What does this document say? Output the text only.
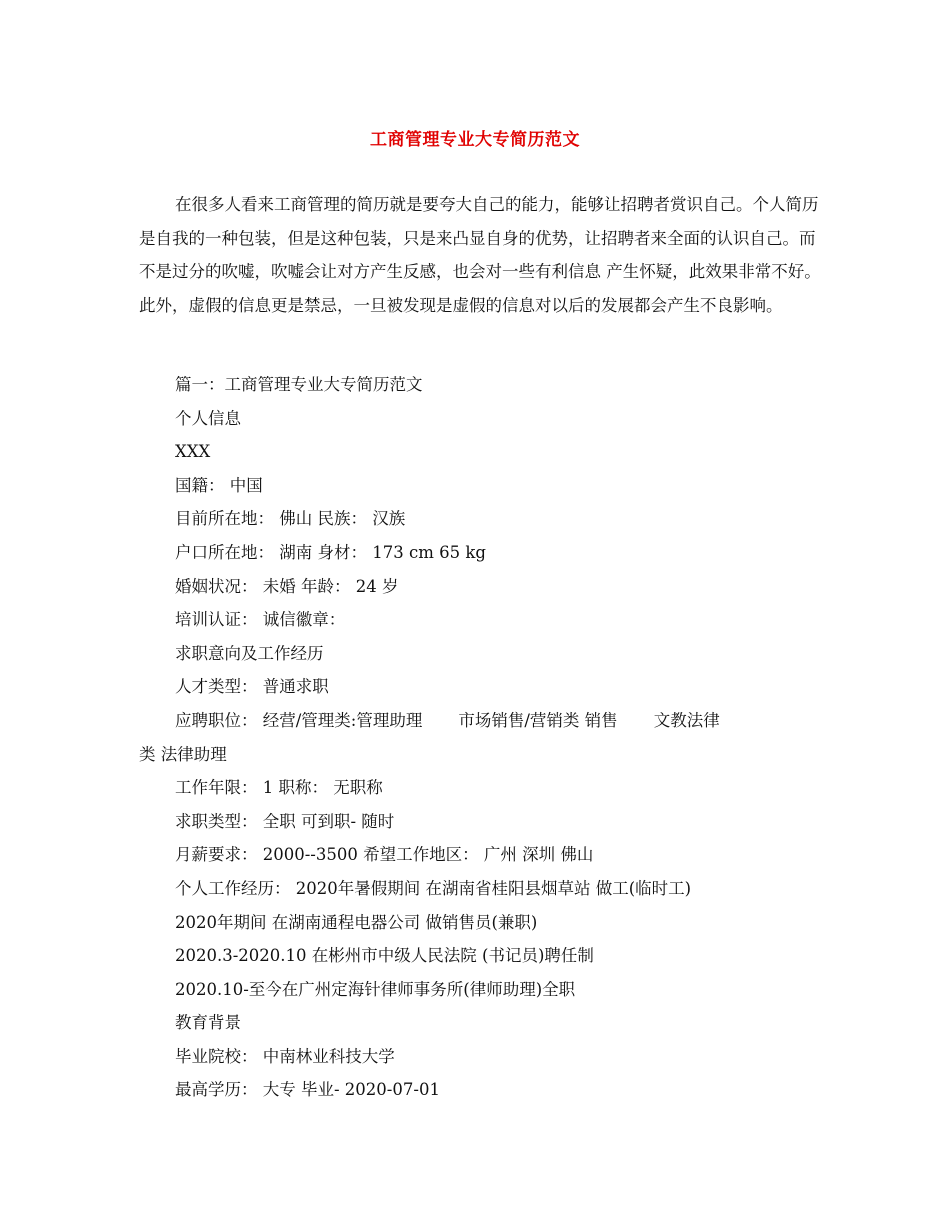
工商管理专业大专简历范文

在很多人看来工商管理的简历就是要夸大自己的能力，能够让招聘者赏识自己。个人简历是自我的一种包装，但是这种包装，只是来凸显自身的优势，让招聘者来全面的认识自己。而不是过分的吹嘘，吹嘘会让对方产生反感，也会对一些有利信息 产生怀疑，此效果非常不好。此外，虚假的信息更是禁忌，一旦被发现是虚假的信息对以后的发展都会产生不良影响。

篇一：工商管理专业大专简历范文
个人信息
XXX
国籍： 中国
目前所在地： 佛山 民族： 汉族
户口所在地： 湖南 身材： 173 cm 65 kg
婚姻状况： 未婚 年龄： 24 岁
培训认证： 诚信徽章：
求职意向及工作经历
人才类型： 普通求职
应聘职位： 经营/管理类:管理助理 市场销售/营销类 销售 文教法律
类 法律助理
工作年限： 1 职称： 无职称
求职类型： 全职 可到职- 随时
月薪要求： 2000--3500 希望工作地区： 广州 深圳 佛山
个人工作经历： 2020年暑假期间 在湖南省桂阳县烟草站 做工(临时工)
2020年期间 在湖南通程电器公司 做销售员(兼职)
2020.3-2020.10 在彬州市中级人民法院 (书记员)聘任制
2020.10-至今在广州定海针律师事务所(律师助理)全职
教育背景
毕业院校： 中南林业科技大学
最高学历： 大专 毕业- 2020-07-01
